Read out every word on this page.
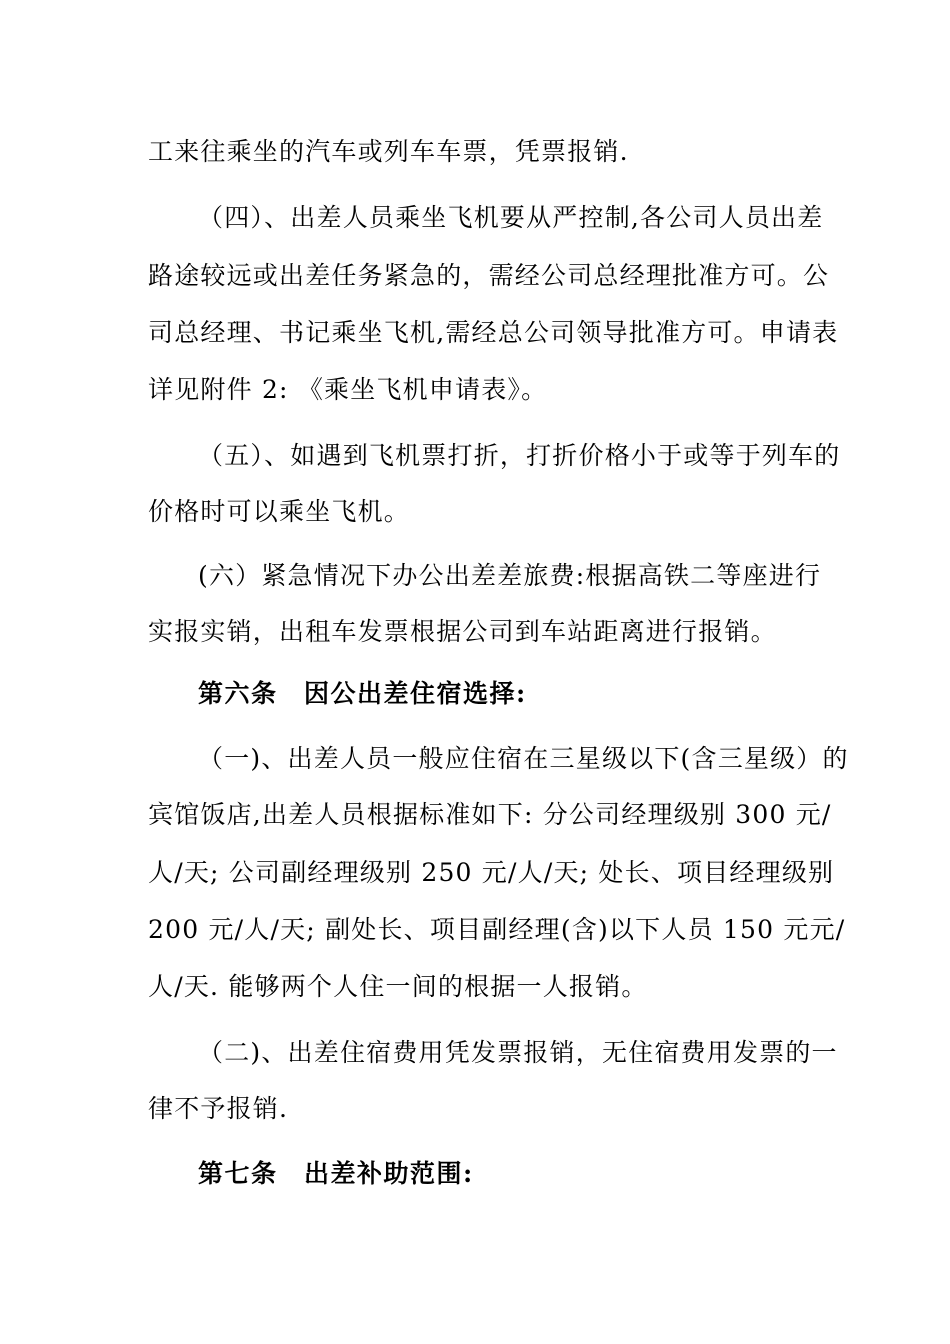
工来往乘坐的汽车或列车车票，凭票报销.
（四）、出差人员乘坐飞机要从严控制,各公司人员出差
路途较远或出差任务紧急的，需经公司总经理批准方可。公
司总经理、书记乘坐飞机,需经总公司领导批准方可。申请表
详见附件 2: 《乘坐飞机申请表》。
（五）、如遇到飞机票打折，打折价格小于或等于列车的
价格时可以乘坐飞机。
(六）紧急情况下办公出差差旅费:根据高铁二等座进行
实报实销，出租车发票根据公司到车站距离进行报销。
第六条　因公出差住宿选择:
（一)、出差人员一般应住宿在三星级以下(含三星级）的
宾馆饭店,出差人员根据标准如下: 分公司经理级别 300 元/
人/天; 公司副经理级别 250 元/人/天; 处长、项目经理级别
200 元/人/天; 副处长、项目副经理(含)以下人员 150 元元/
人/天. 能够两个人住一间的根据一人报销。
（二)、出差住宿费用凭发票报销，无住宿费用发票的一
律不予报销.
第七条　出差补助范围:
